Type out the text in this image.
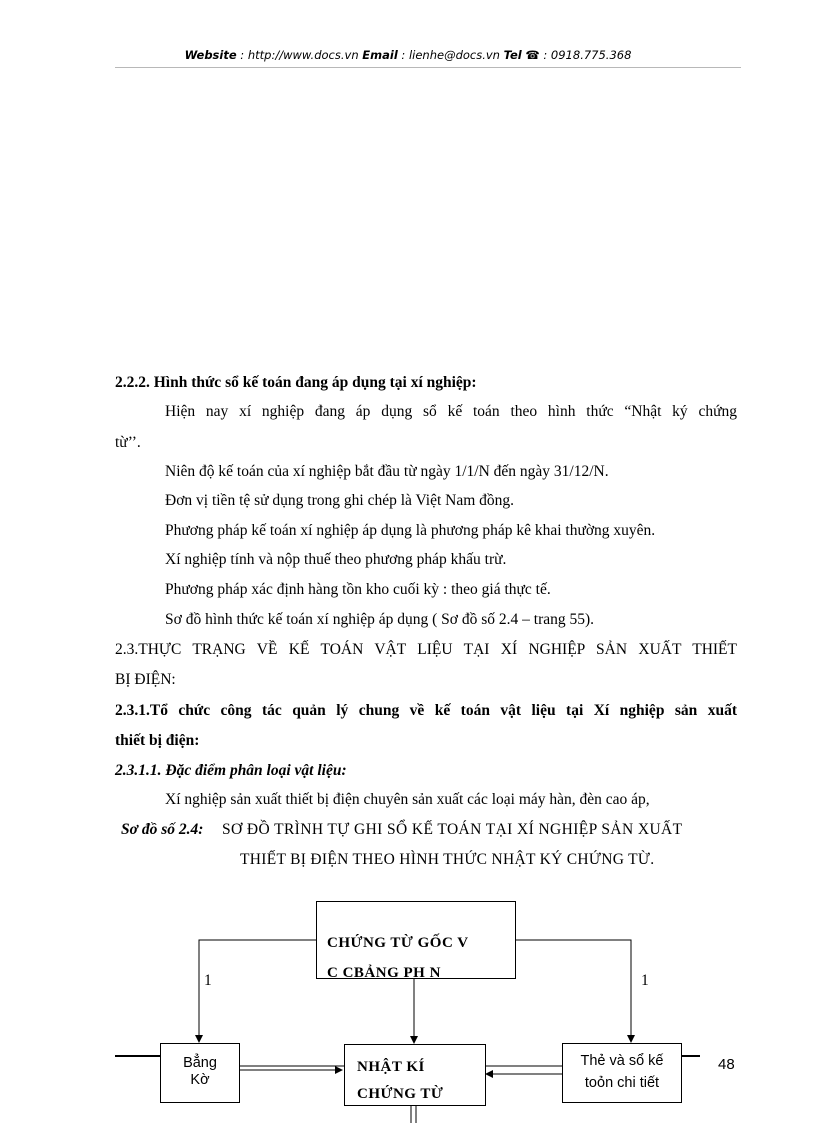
Website : http://www.docs.vn Email : lienhe@docs.vn Tel ☎ : 0918.775.368
2.2.2. Hình thức sổ kế toán đang áp dụng tại xí nghiệp:
Hiện nay xí nghiệp đang áp dụng sổ kế toán theo hình thức “Nhật ký chứng
từ’’.
Niên độ kế toán của xí nghiệp bắt đầu từ ngày 1/1/N đến ngày 31/12/N.
Đơn vị tiền tệ sử dụng trong ghi chép là Việt Nam đồng.
Phương pháp kế toán xí nghiệp áp dụng là phương pháp kê khai thường xuyên.
Xí nghiệp tính và nộp thuế theo phương pháp khấu trừ.
Phương pháp xác định hàng tồn kho cuối kỳ : theo giá thực tế.
Sơ đồ hình thức kế toán xí nghiệp áp dụng ( Sơ đồ số 2.4 – trang 55).
2.3.THỰC TRẠNG VỀ KẾ TOÁN VẬT LIỆU TẠI XÍ NGHIỆP SẢN XUẤT THIẾT
BỊ ĐIỆN:
2.3.1.Tổ chức công tác quản lý chung về kế toán vật liệu tại Xí nghiệp sản xuất
thiết bị điện:
2.3.1.1. Đặc điểm phân loại vật liệu:
Xí nghiệp sản xuất thiết bị điện chuyên sản xuất các loại máy hàn, đèn cao áp,
Sơ đồ số 2.4: SƠ ĐỒ TRÌNH TỰ GHI SỔ KẾ TOÁN TẠI XÍ NGHIỆP SẢN XUẤT
THIẾT BỊ ĐIỆN THEO HÌNH THỨC NHẬT KÝ CHỨNG TỪ.
1	1
CHỨNG TỪ GỐC V
C CBẢNG PH N
Bẳng
Kờ
NHẬT KÍ
CHỨNG TỪ
Thẻ và sổ kế
toỏn chi tiết
48
